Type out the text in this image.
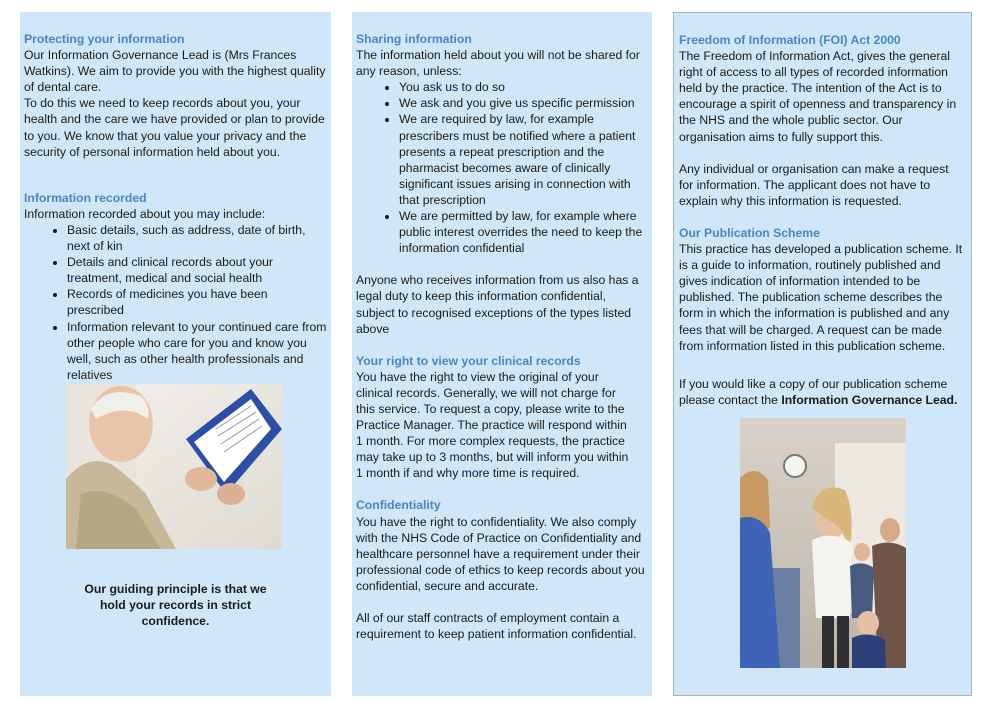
Protecting your information

Our Information Governance Lead is (Mrs Frances Watkins). We aim to provide you with the highest quality of dental care.

To do this we need to keep records about you, your health and the care we have provided or plan to provide to you. We know that you value your privacy and the security of personal information held about you.

Information recorded

Information recorded about you may include:

• Basic details, such as address, date of birth, next of kin
• Details and clinical records about your treatment, medical and social health
• Records of medicines you have been prescribed
• Information relevant to your continued care from other people who care for you and know you well, such as other health professionals and relatives
Our guiding principle is that we hold your records in strict confidence.

Sharing information

The information held about you will not be shared for any reason, unless:

• You ask us to do so
• We ask and you give us specific permission
• We are required by law, for example prescribers must be notified where a patient presents a repeat prescription and the pharmacist becomes aware of clinically significant issues arising in connection with that prescription
• We are permitted by law, for example where public interest overrides the need to keep the information confidential

Anyone who receives information from us also has a legal duty to keep this information confidential, subject to recognised exceptions of the types listed above

Your right to view your clinical records

You have the right to view the original of your clinical records. Generally, we will not charge for this service. To request a copy, please write to the Practice Manager. The practice will respond within 1 month. For more complex requests, the practice may take up to 3 months, but will inform you within 1 month if and why more time is required.

Confidentiality

You have the right to confidentiality. We also comply with the NHS Code of Practice on Confidentiality and healthcare personnel have a requirement under their professional code of ethics to keep records about you confidential, secure and accurate.

All of our staff contracts of employment contain a requirement to keep patient information confidential.

Freedom of Information (FOI) Act 2000

The Freedom of Information Act, gives the general right of access to all types of recorded information held by the practice. The intention of the Act is to encourage a spirit of openness and transparency in the NHS and the whole public sector. Our organisation aims to fully support this.

Any individual or organisation can make a request for information. The applicant does not have to explain why this information is requested.

Our Publication Scheme

This practice has developed a publication scheme. It is a guide to information, routinely published and gives indication of information intended to be published. The publication scheme describes the form in which the information is published and any fees that will be charged. A request can be made from information listed in this publication scheme.

If you would like a copy of our publication scheme please contact the Information Governance Lead.
